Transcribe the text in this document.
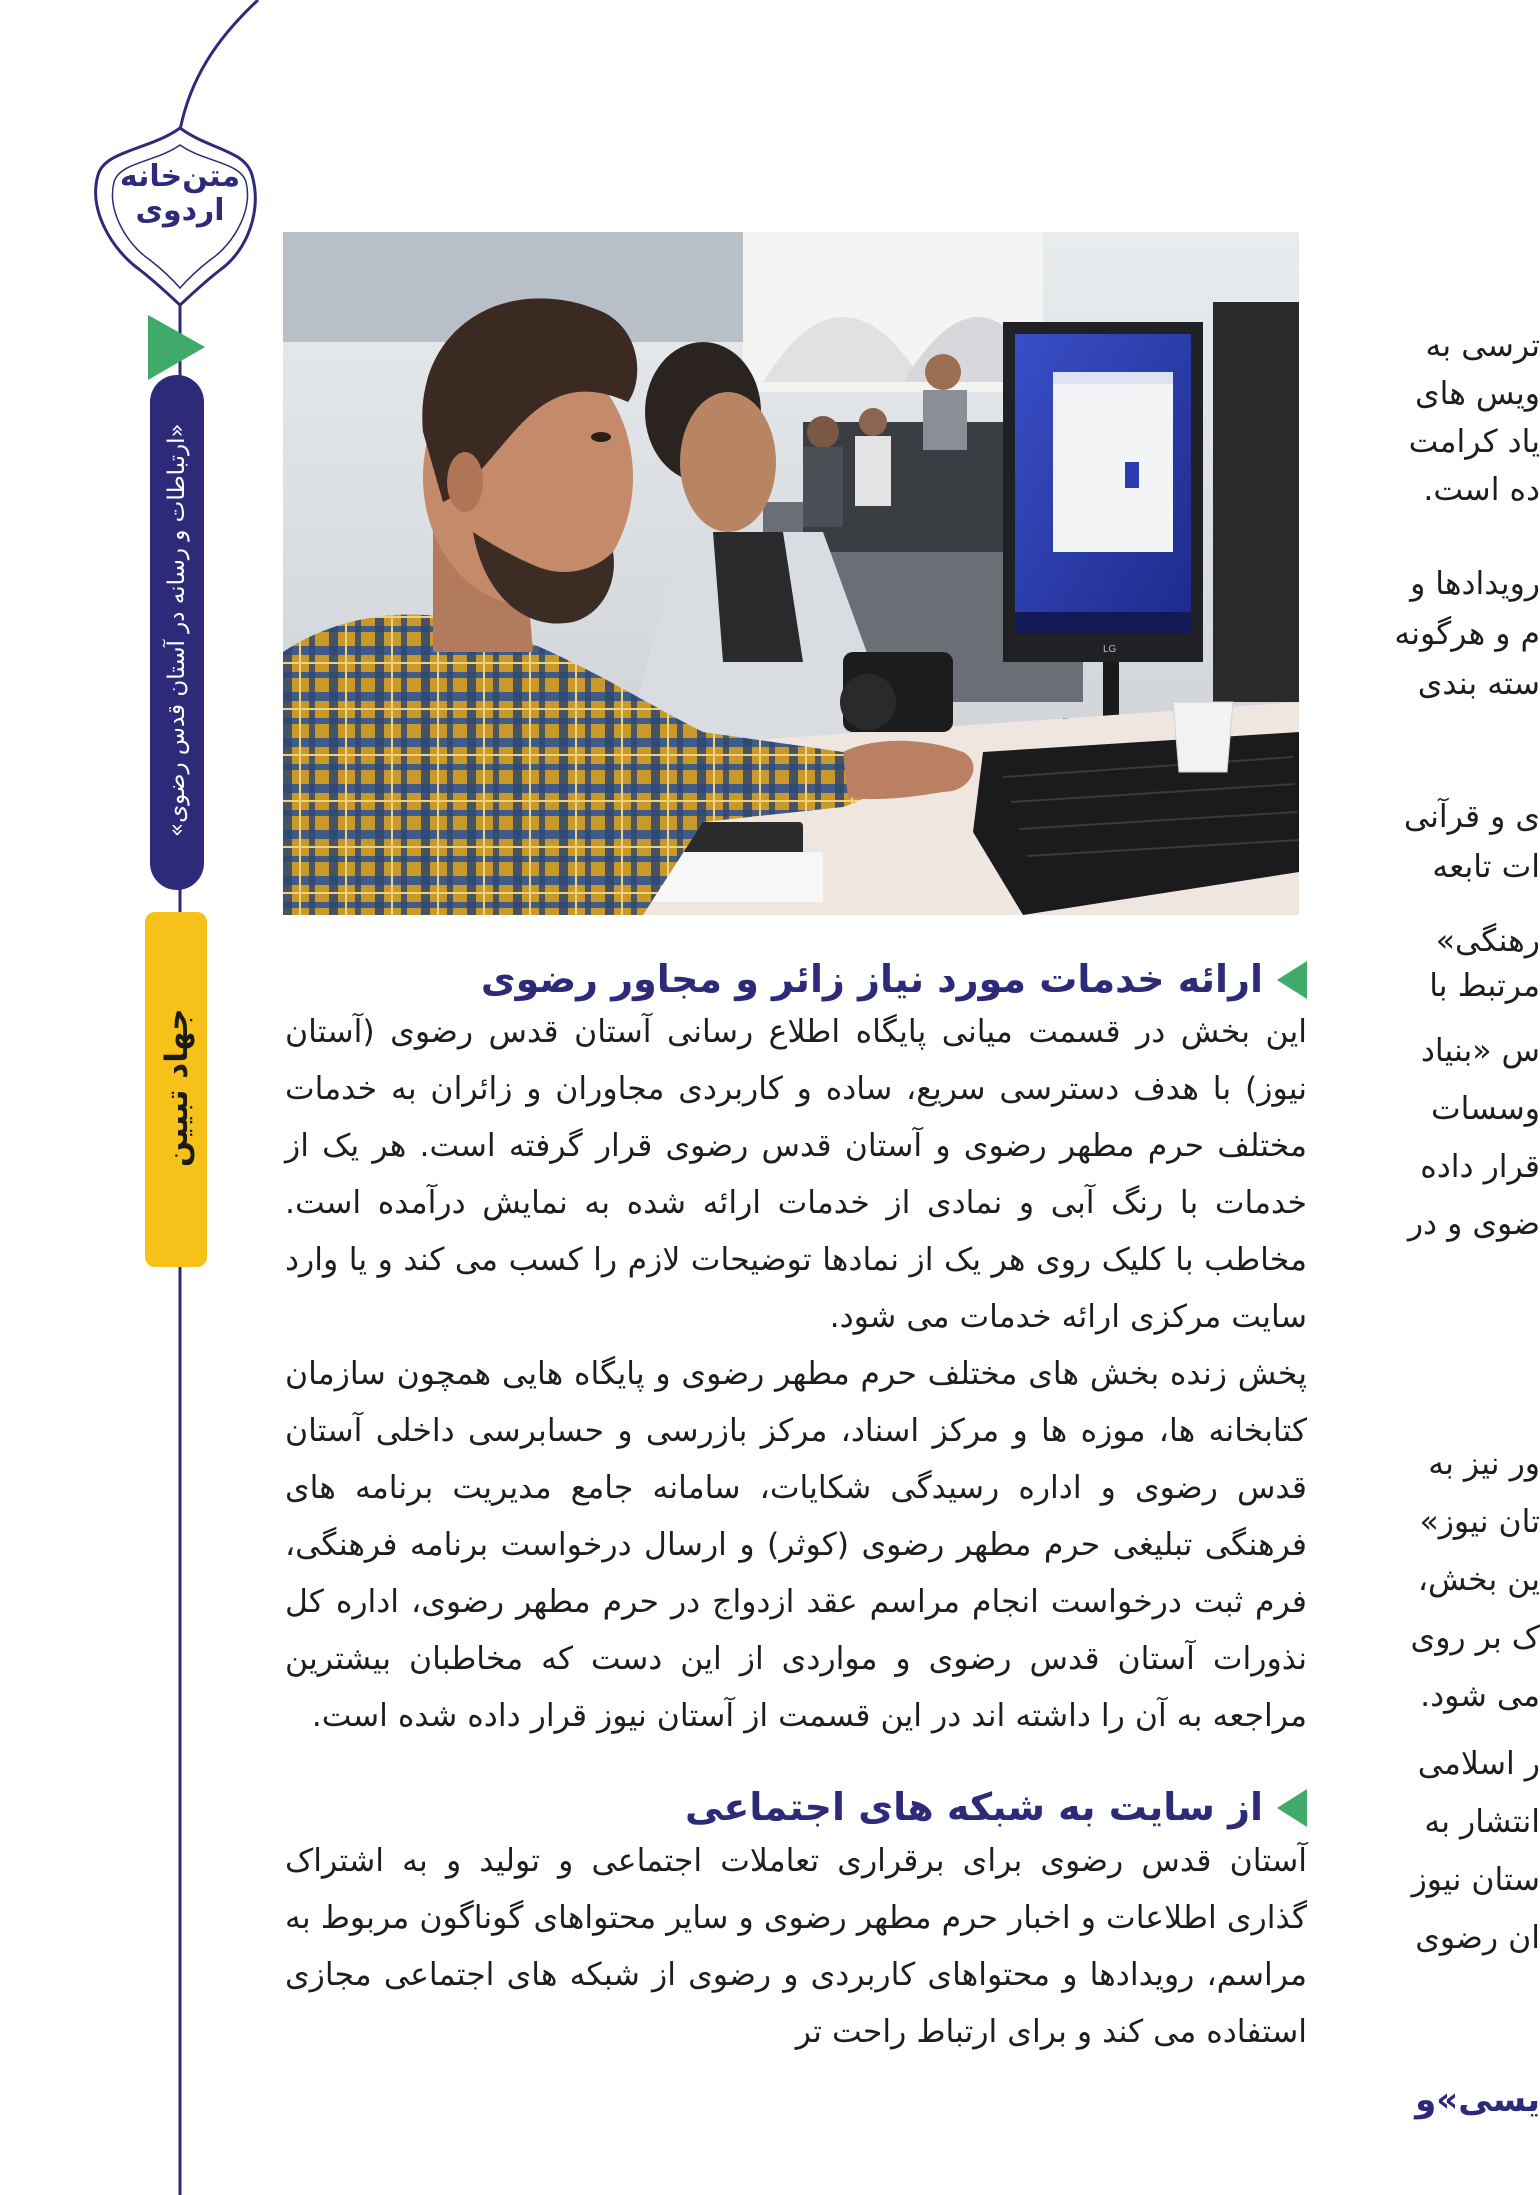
متن‌خانه اردوی
«ارتباطات و رسانه در آستان قدس رضوی»
جهاد تبیین
LG
ارائه خدمات مورد نیاز زائر و مجاور رضوی

این بخش در قسمت میانی پایگاه اطلاع رسانی آستان قدس رضوی (آستان نیوز) با هدف دسترسی سریع، ساده و کاربردی مجاوران و زائران به خدمات مختلف حرم مطهر رضوی و آستان قدس رضوی قرار گرفته است. هر یک از خدمات با رنگ آبی و نمادی از خدمات ارائه شده به نمایش درآمده است. مخاطب با کلیک روی هر یک از نمادها توضیحات لازم را کسب می کند و یا وارد سایت مرکزی ارائه خدمات می شود.

پخش زنده بخش های مختلف حرم مطهر رضوی و پایگاه هایی همچون سازمان کتابخانه ها، موزه ها و مرکز اسناد، مرکز بازرسی و حسابرسی داخلی آستان قدس رضوی و اداره رسیدگی شکایات، سامانه جامع مدیریت برنامه های فرهنگی تبلیغی حرم مطهر رضوی (کوثر) و ارسال درخواست برنامه فرهنگی، فرم ثبت درخواست انجام مراسم عقد ازدواج در حرم مطهر رضوی، اداره کل نذورات آستان قدس رضوی و مواردی از این دست که مخاطبان بیشترین مراجعه به آن را داشته اند در این قسمت از آستان نیوز قرار داده شده است.

از سایت به شبکه های اجتماعی

آستان قدس رضوی برای برقراری تعاملات اجتماعی و تولید و به اشتراک گذاری اطلاعات و اخبار حرم مطهر رضوی و سایر محتواهای گوناگون مربوط به مراسم، رویدادها و محتواهای کاربردی و رضوی از شبکه های اجتماعی مجازی استفاده می کند و برای ارتباط راحت تر

ترسی به
ویس های
یاد کرامت
ده است.
رویدادها و
م و هرگونه
سته بندی
ی و قرآنی
ات تابعه
رهنگی»
مرتبط با
س «بنیاد
وسسات
قرار داده
ضوی و در
ور نیز به
تان نیوز»
ین بخش،
ک بر روی
می شود.
ر اسلامی
انتشار به
ستان نیوز
ان رضوی
یسی»و
